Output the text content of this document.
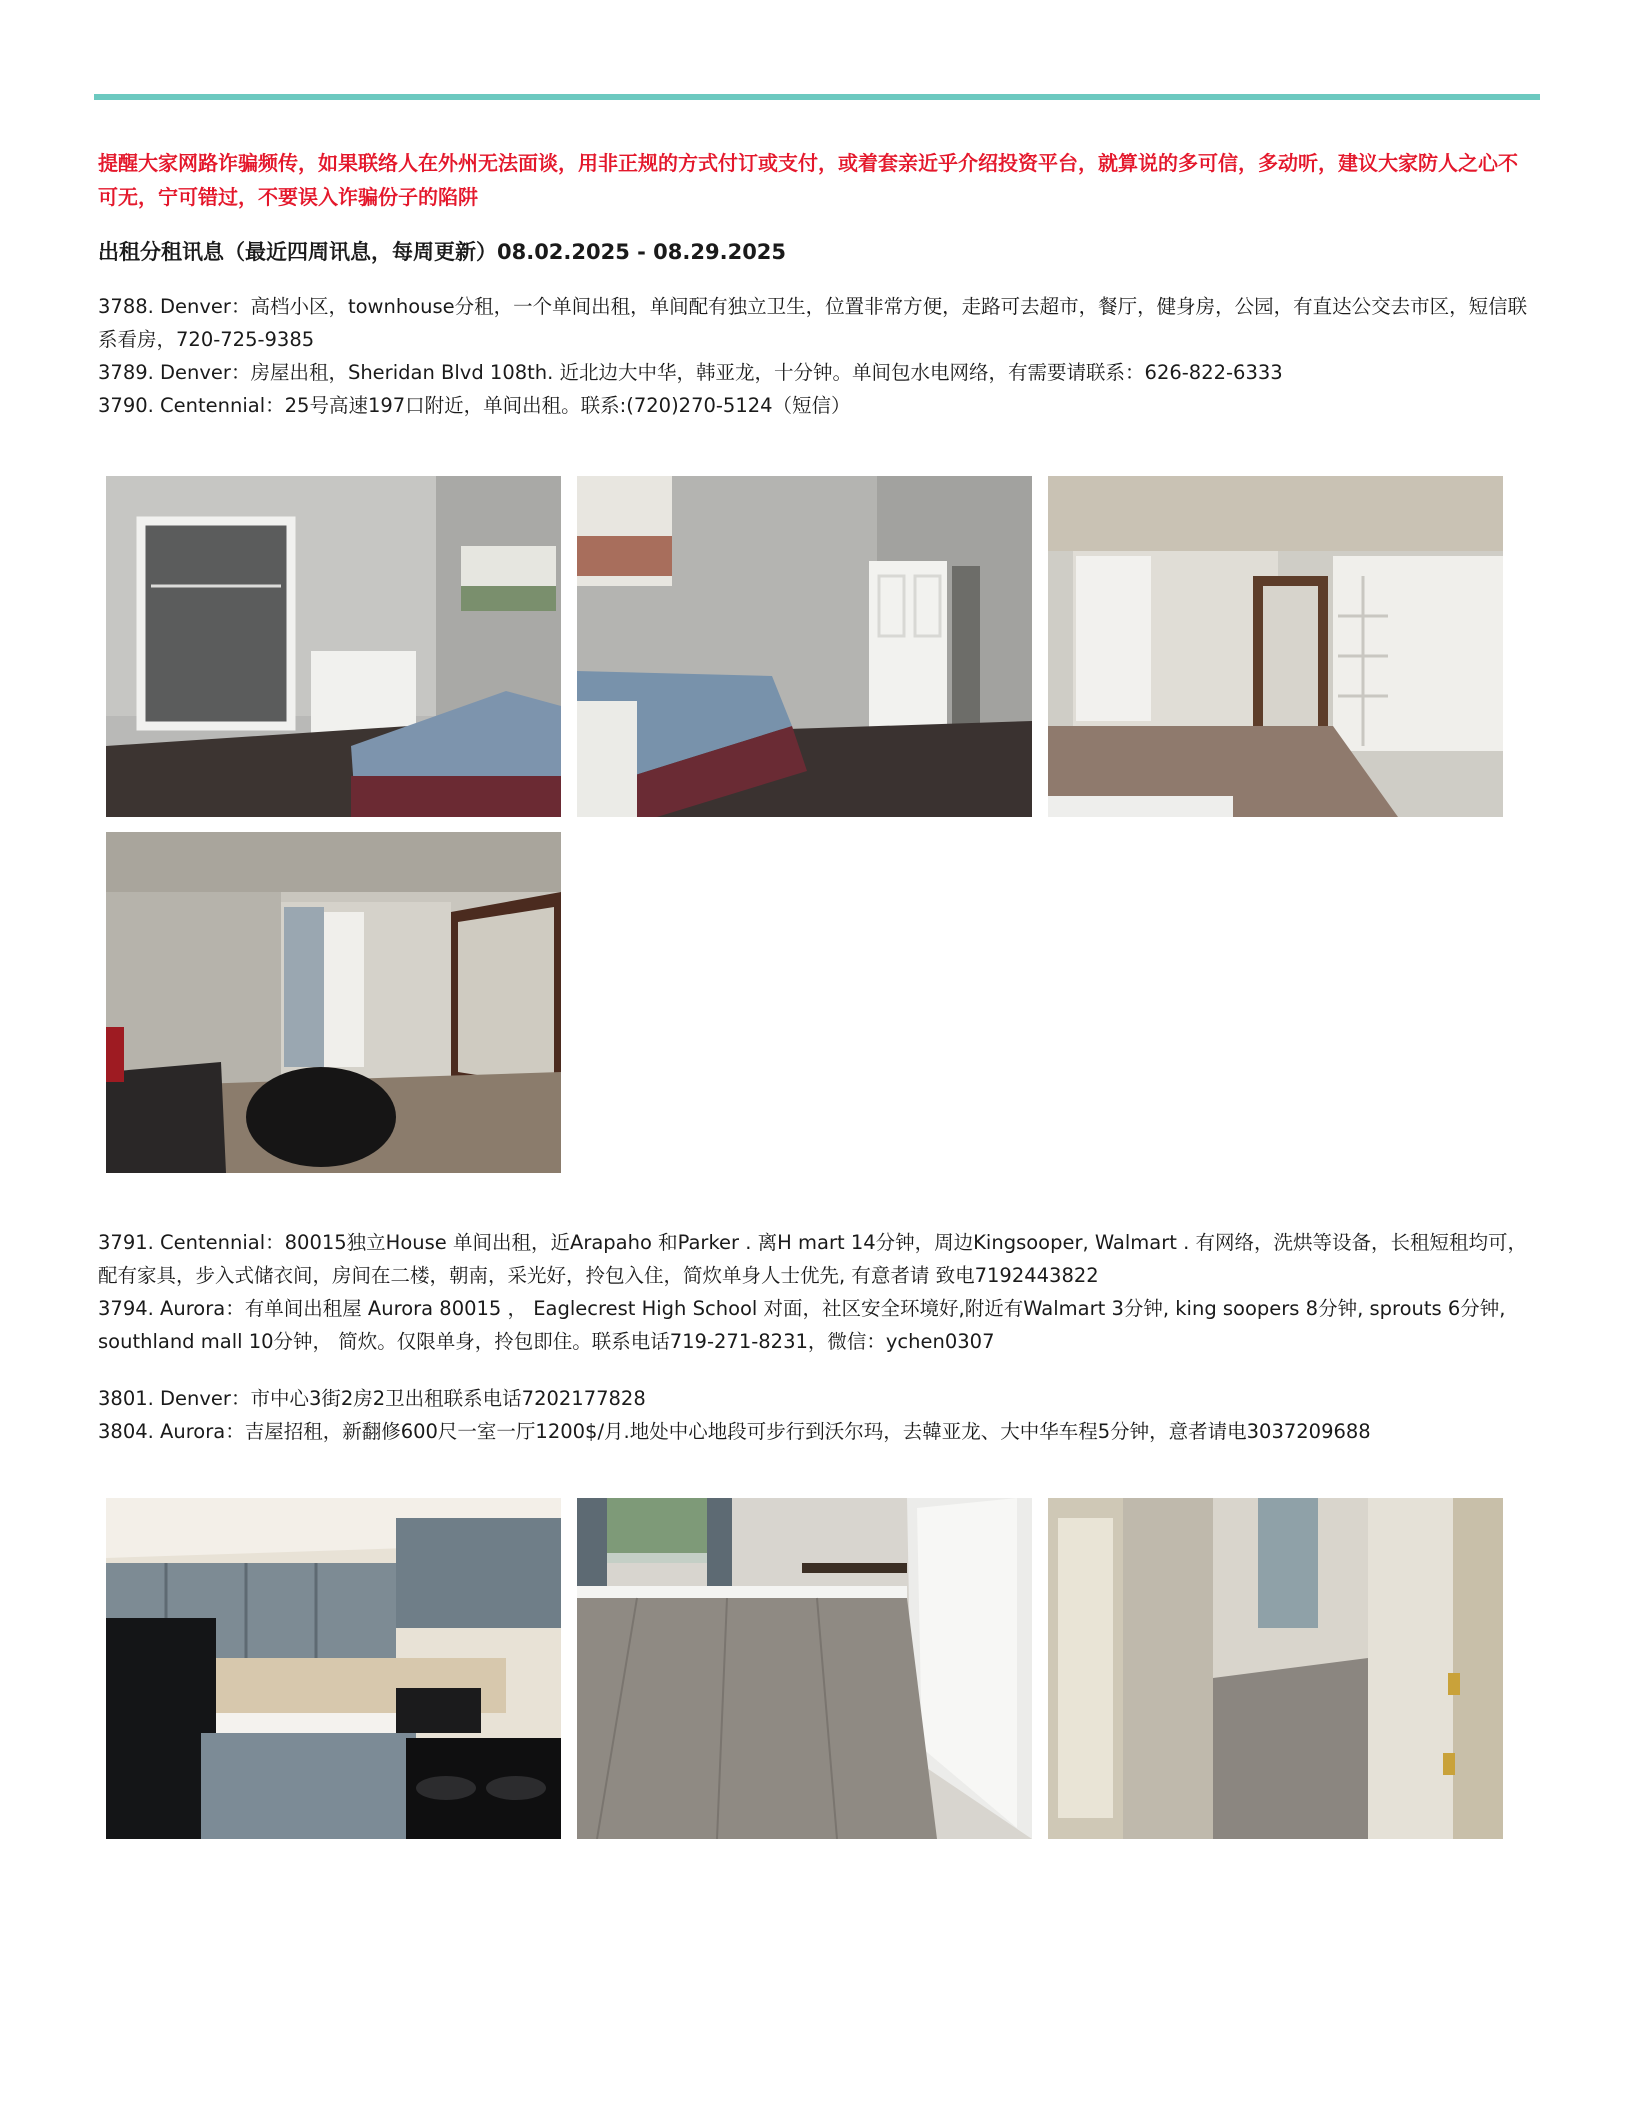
提醒大家网路诈骗频传，如果联络人在外州无法面谈，用非正规的方式付订或支付，或着套亲近乎介绍投资平台，就算说的多可信，多动听，建议大家防人之心不可无，宁可错过，不要误入诈骗份子的陷阱

出租分租讯息（最近四周讯息，每周更新）08.02.2025 - 08.29.2025

3788. Denver：高档小区，townhouse分租，一个单间出租，单间配有独立卫生，位置非常方便，走路可去超市，餐厅，健身房，公园，有直达公交去市区，短信联系看房，720-725-9385

3789. Denver：房屋出租，Sheridan Blvd 108th. 近北边大中华，韩亚龙，十分钟。单间包水电网络，有需要请联系：626-822-6333

3790. Centennial：25号高速197口附近，单间出租。联系:(720)270-5124（短信）

3791. Centennial：80015独立House 单间出租，近Arapaho 和Parker . 离H mart 14分钟，周边Kingsooper, Walmart . 有网络，洗烘等设备，长租短租均可，配有家具，步入式储衣间，房间在二楼，朝南，采光好，拎包入住，简炊单身人士优先, 有意者请 致电7192443822

3794. Aurora：有单间出租屋 Aurora 80015 ， Eaglecrest High School 对面，社区安全环境好,附近有Walmart 3分钟, king soopers 8分钟, sprouts 6分钟, southland mall 10分钟， 简炊。仅限单身，拎包即住。联系电话719-271-8231，微信：ychen0307

3801. Denver：市中心3街2房2卫出租联系电话7202177828

3804. Aurora：吉屋招租，新翻修600尺一室一厅1200$/月.地处中心地段可步行到沃尔玛，去韓亚龙、大中华车程5分钟，意者请电3037209688
